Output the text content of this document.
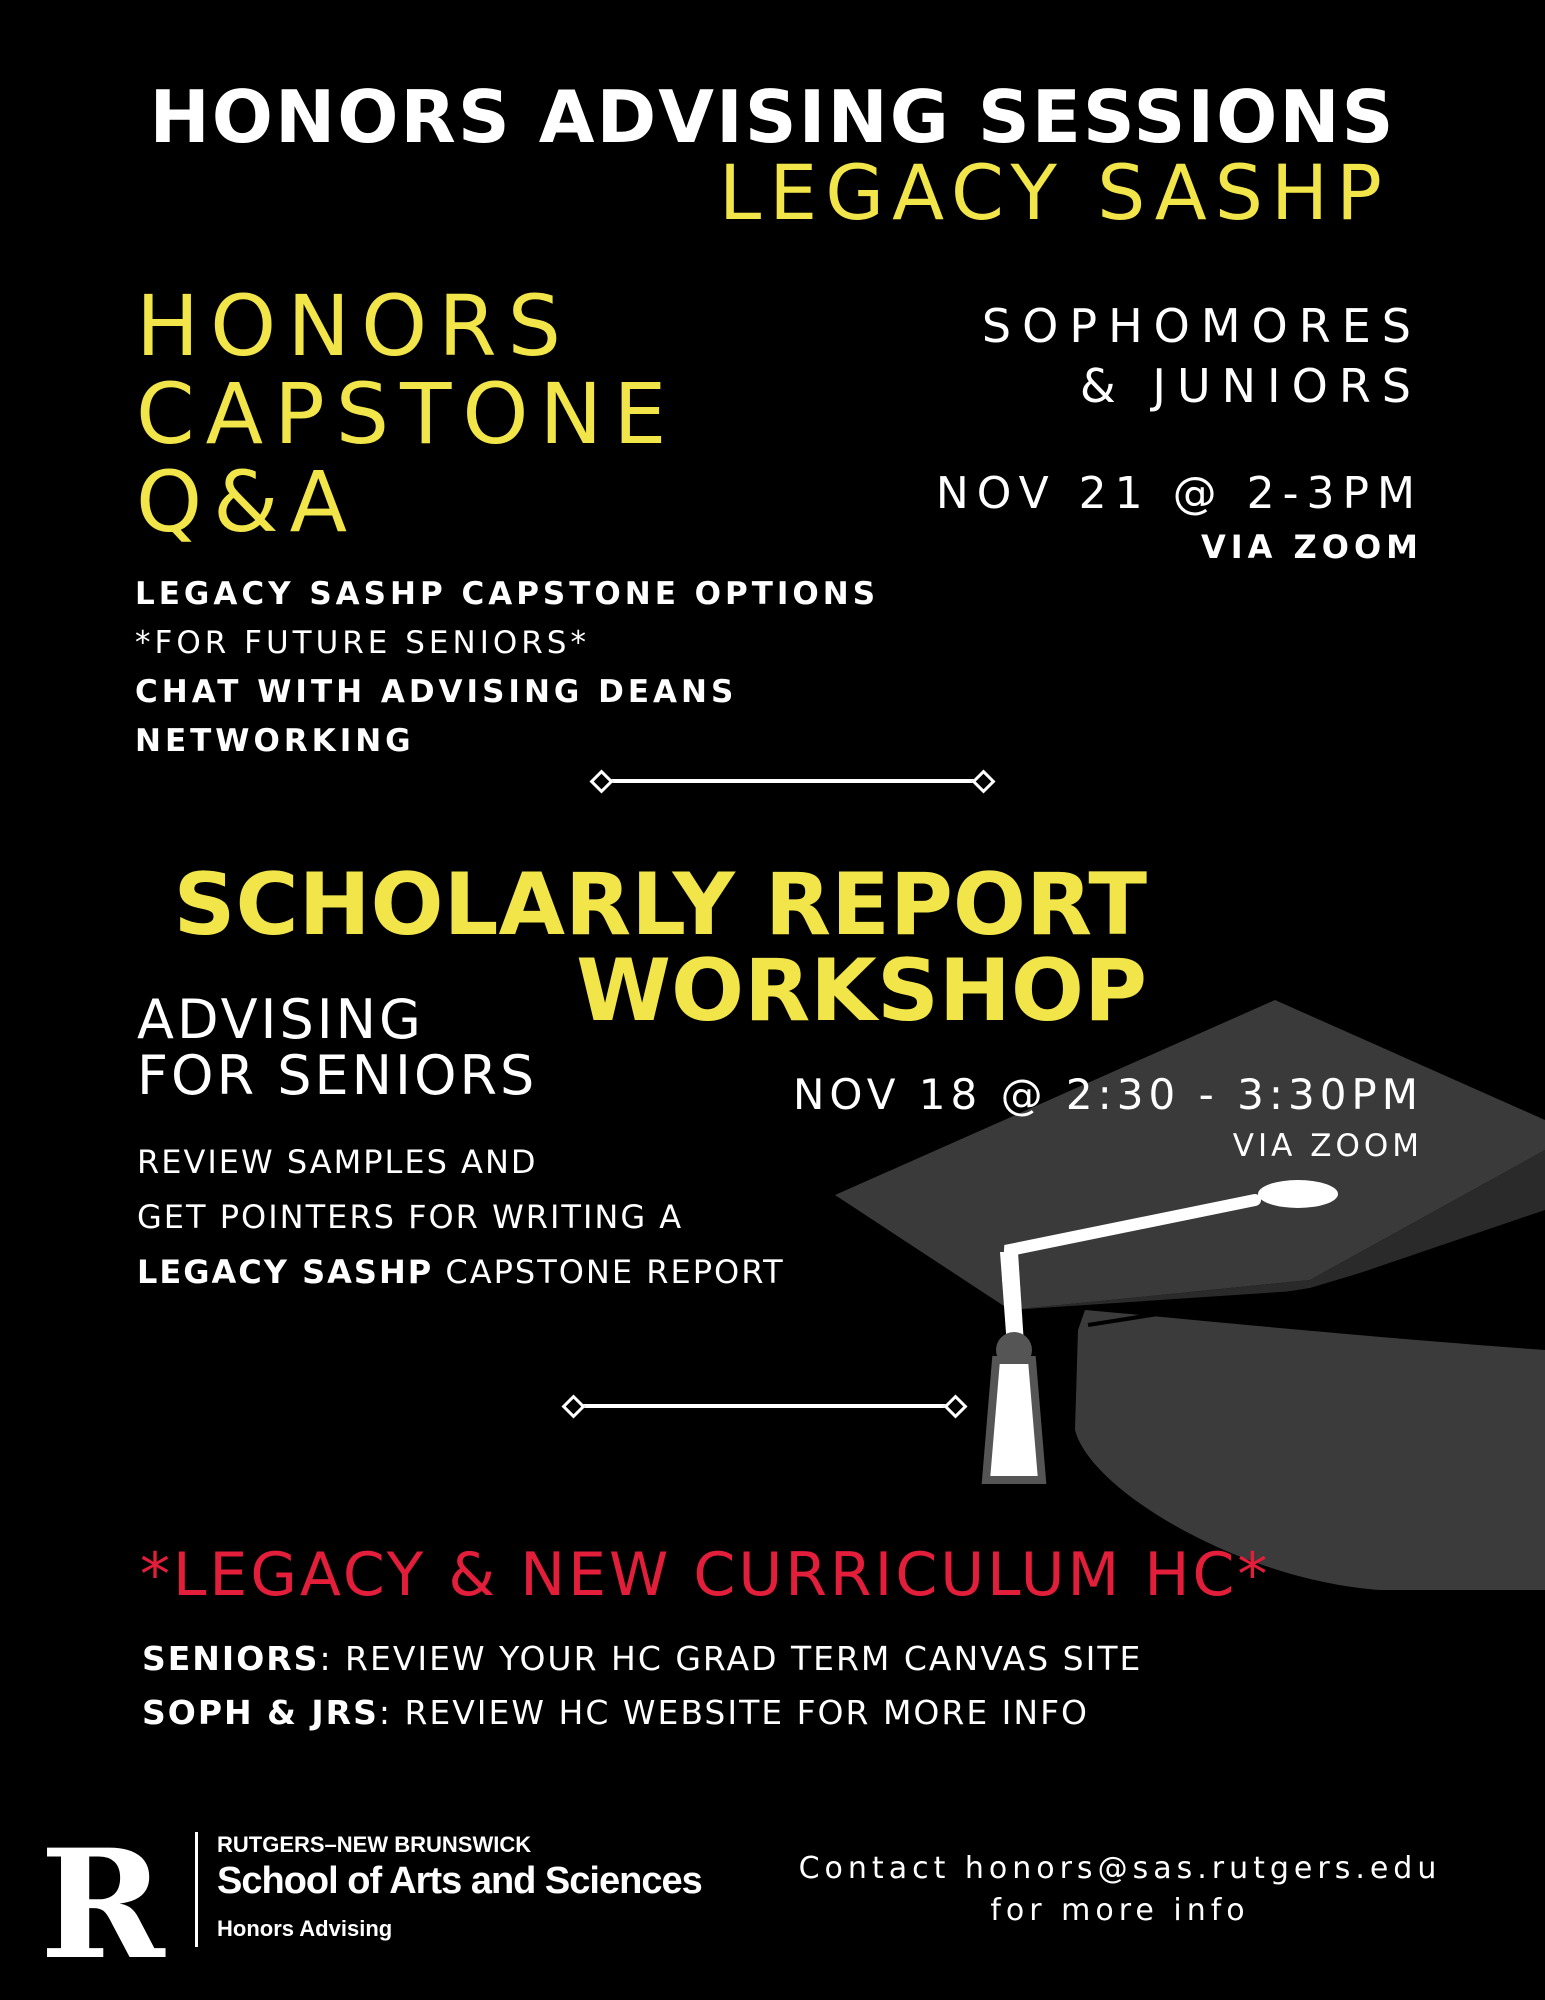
HONORS ADVISING SESSIONS
LEGACY SASHP
HONORS
CAPSTONE
Q&A
SOPHOMORES
& JUNIORS
NOV 21 @ 2-3PM
VIA ZOOM
LEGACY SASHP CAPSTONE OPTIONS
*FOR FUTURE SENIORS*
CHAT WITH ADVISING DEANS
NETWORKING
SCHOLARLY REPORT
WORKSHOP
ADVISING
FOR SENIORS	NOV 18 @ 2:30 - 3:30PM
VIA ZOOM
REVIEW SAMPLES AND
GET POINTERS FOR WRITING A
LEGACY SASHP CAPSTONE REPORT
*LEGACY & NEW CURRICULUM HC*
SENIORS: REVIEW YOUR HC GRAD TERM CANVAS SITE
SOPH & JRS: REVIEW HC WEBSITE FOR MORE INFO
R RUTGERS–NEW BRUNSWICK
School of Arts and Sciences
Honors Advising
Contact honors@sas.rutgers.edu
for more info
